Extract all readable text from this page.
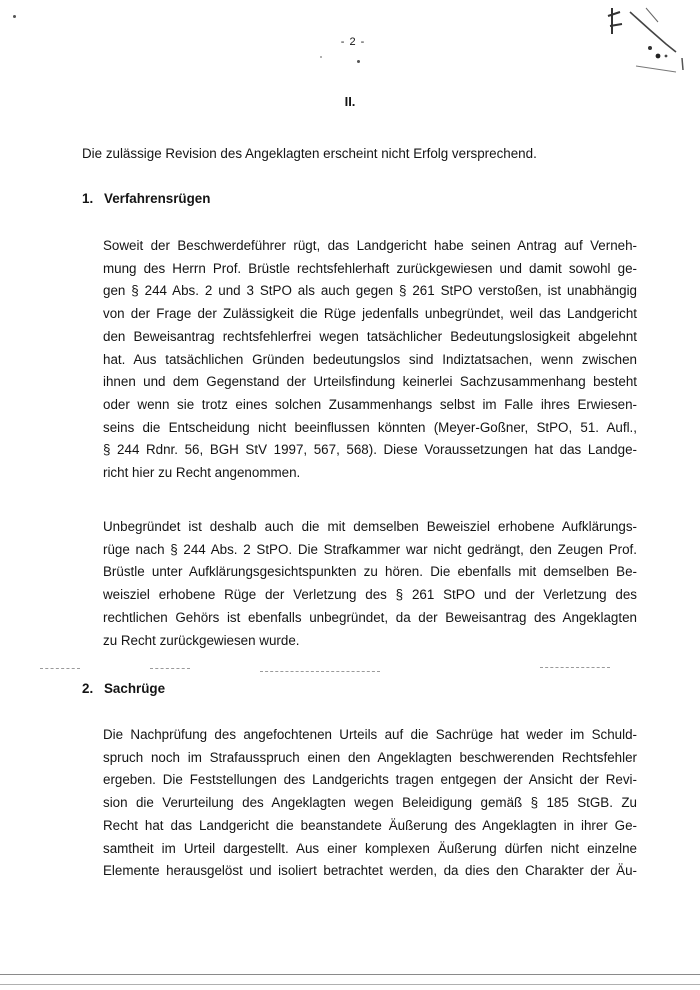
- 2 -
II.
Die zulässige Revision des Angeklagten erscheint nicht Erfolg versprechend.
1. Verfahrensrügen
Soweit der Beschwerdeführer rügt, das Landgericht habe seinen Antrag auf Verneh-
mung des Herrn Prof. Brüstle rechtsfehlerhaft zurückgewiesen und damit sowohl ge-
gen § 244 Abs. 2 und 3 StPO als auch gegen § 261 StPO verstoßen, ist unabhängig
von der Frage der Zulässigkeit die Rüge jedenfalls unbegründet, weil das Landgericht
den Beweisantrag rechtsfehlerfrei wegen tatsächlicher Bedeutungslosigkeit abgelehnt
hat. Aus tatsächlichen Gründen bedeutungslos sind Indiztatsachen, wenn zwischen
ihnen und dem Gegenstand der Urteilsfindung keinerlei Sachzusammenhang besteht
oder wenn sie trotz eines solchen Zusammenhangs selbst im Falle ihres Erwiesen-
seins die Entscheidung nicht beeinflussen könnten (Meyer-Goßner, StPO, 51. Aufl.,
§ 244 Rdnr. 56, BGH StV 1997, 567, 568). Diese Voraussetzungen hat das Landge-
richt hier zu Recht angenommen.
Unbegründet ist deshalb auch die mit demselben Beweisziel erhobene Aufklärungs-
rüge nach § 244 Abs. 2 StPO. Die Strafkammer war nicht gedrängt, den Zeugen Prof.
Brüstle unter Aufklärungsgesichtspunkten zu hören. Die ebenfalls mit demselben Be-
weisziel erhobene Rüge der Verletzung des § 261 StPO und der Verletzung des
rechtlichen Gehörs ist ebenfalls unbegründet, da der Beweisantrag des Angeklagten
zu Recht zurückgewiesen wurde.
2. Sachrüge
Die Nachprüfung des angefochtenen Urteils auf die Sachrüge hat weder im Schuld-
spruch noch im Strafausspruch einen den Angeklagten beschwerenden Rechtsfehler
ergeben. Die Feststellungen des Landgerichts tragen entgegen der Ansicht der Revi-
sion die Verurteilung des Angeklagten wegen Beleidigung gemäß § 185 StGB. Zu
Recht hat das Landgericht die beanstandete Äußerung des Angeklagten in ihrer Ge-
samtheit im Urteil dargestellt. Aus einer komplexen Äußerung dürfen nicht einzelne
Elemente herausgelöst und isoliert betrachtet werden, da dies den Charakter der Äu-
